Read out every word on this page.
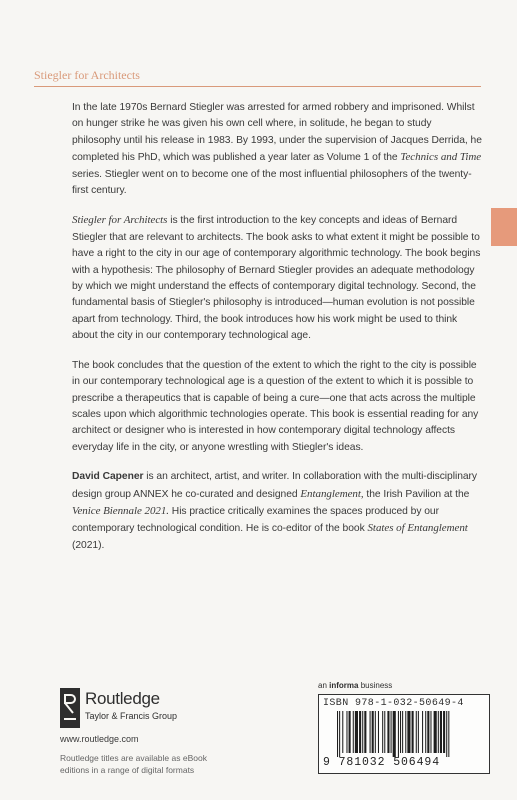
Stiegler for Architects

In the late 1970s Bernard Stiegler was arrested for armed robbery and imprisoned. Whilst on hunger strike he was given his own cell where, in solitude, he began to study philosophy until his release in 1983. By 1993, under the supervision of Jacques Derrida, he completed his PhD, which was published a year later as Volume 1 of the Technics and Time series. Stiegler went on to become one of the most influential philosophers of the twenty-first century.

Stiegler for Architects is the first introduction to the key concepts and ideas of Bernard Stiegler that are relevant to architects. The book asks to what extent it might be possible to have a right to the city in our age of contemporary algorithmic technology. The book begins with a hypothesis: The philosophy of Bernard Stiegler provides an adequate methodology by which we might understand the effects of contemporary digital technology. Second, the fundamental basis of Stiegler's philosophy is introduced—human evolution is not possible apart from technology. Third, the book introduces how his work might be used to think about the city in our contemporary technological age.

The book concludes that the question of the extent to which the right to the city is possible in our contemporary technological age is a question of the extent to which it is possible to prescribe a therapeutics that is capable of being a cure—one that acts across the multiple scales upon which algorithmic technologies operate. This book is essential reading for any architect or designer who is interested in how contemporary digital technology affects everyday life in the city, or anyone wrestling with Stiegler's ideas.

David Capener is an architect, artist, and writer. In collaboration with the multi-disciplinary design group ANNEX he co-curated and designed Entanglement, the Irish Pavilion at the Venice Biennale 2021. His practice critically examines the spaces produced by our contemporary technological condition. He is co-editor of the book States of Entanglement (2021).

Routledge
Taylor & Francis Group
www.routledge.com
Routledge titles are available as eBook editions in a range of digital formats
an informa business
ISBN 978-1-032-50649-4
9 781032 506494
